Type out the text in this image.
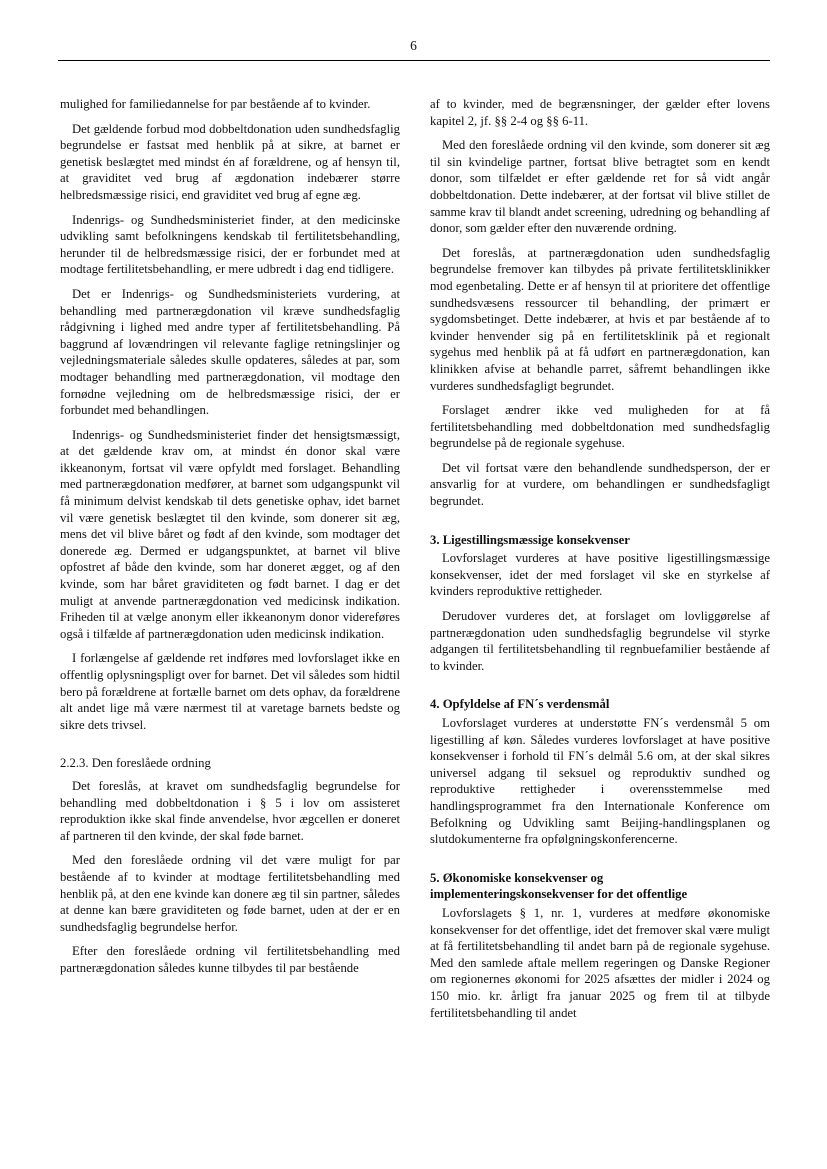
6

mulighed for familiedannelse for par bestående af to kvinder.

Det gældende forbud mod dobbeltdonation uden sundhedsfaglig begrundelse er fastsat med henblik på at sikre, at barnet er genetisk beslægtet med mindst én af forældrene, og af hensyn til, at graviditet ved brug af ægdonation indebærer større helbredsmæssige risici, end graviditet ved brug af egne æg.

Indenrigs- og Sundhedsministeriet finder, at den medicinske udvikling samt befolkningens kendskab til fertilitetsbehandling, herunder til de helbredsmæssige risici, der er forbundet med at modtage fertilitetsbehandling, er mere udbredt i dag end tidligere.

Det er Indenrigs- og Sundhedsministeriets vurdering, at behandling med partnerægdonation vil kræve sundhedsfaglig rådgivning i lighed med andre typer af fertilitetsbehandling. På baggrund af lovændringen vil relevante faglige retningslinjer og vejledningsmateriale således skulle opdateres, således at par, som modtager behandling med partnerægdonation, vil modtage den fornødne vejledning om de helbredsmæssige risici, der er forbundet med behandlingen.

Indenrigs- og Sundhedsministeriet finder det hensigtsmæssigt, at det gældende krav om, at mindst én donor skal være ikkeanonym, fortsat vil være opfyldt med forslaget. Behandling med partnerægdonation medfører, at barnet som udgangspunkt vil få minimum delvist kendskab til dets genetiske ophav, idet barnet vil være genetisk beslægtet til den kvinde, som donerer sit æg, mens det vil blive båret og født af den kvinde, som modtager det donerede æg. Dermed er udgangspunktet, at barnet vil blive opfostret af både den kvinde, som har doneret ægget, og af den kvinde, som har båret graviditeten og født barnet. I dag er det muligt at anvende partnerægdonation ved medicinsk indikation. Friheden til at vælge anonym eller ikkeanonym donor videreføres også i tilfælde af partnerægdonation uden medicinsk indikation.

I forlængelse af gældende ret indføres med lovforslaget ikke en offentlig oplysningspligt over for barnet. Det vil således som hidtil bero på forældrene at fortælle barnet om dets ophav, da forældrene alt andet lige må være nærmest til at varetage barnets bedste og sikre dets trivsel.

2.2.3. Den foreslåede ordning

Det foreslås, at kravet om sundhedsfaglig begrundelse for behandling med dobbeltdonation i § 5 i lov om assisteret reproduktion ikke skal finde anvendelse, hvor ægcellen er doneret af partneren til den kvinde, der skal føde barnet.

Med den foreslåede ordning vil det være muligt for par bestående af to kvinder at modtage fertilitetsbehandling med henblik på, at den ene kvinde kan donere æg til sin partner, således at denne kan bære graviditeten og føde barnet, uden at der er en sundhedsfaglig begrundelse herfor.

Efter den foreslåede ordning vil fertilitetsbehandling med partnerægdonation således kunne tilbydes til par bestående

af to kvinder, med de begrænsninger, der gælder efter lovens kapitel 2, jf. §§ 2-4 og §§ 6-11.

Med den foreslåede ordning vil den kvinde, som donerer sit æg til sin kvindelige partner, fortsat blive betragtet som en kendt donor, som tilfældet er efter gældende ret for så vidt angår dobbeltdonation. Dette indebærer, at der fortsat vil blive stillet de samme krav til blandt andet screening, udredning og behandling af donor, som gælder efter den nuværende ordning.

Det foreslås, at partnerægdonation uden sundhedsfaglig begrundelse fremover kan tilbydes på private fertilitetsklinikker mod egenbetaling. Dette er af hensyn til at prioritere det offentlige sundhedsvæsens ressourcer til behandling, der primært er sygdomsbetinget. Dette indebærer, at hvis et par bestående af to kvinder henvender sig på en fertilitetsklinik på et regionalt sygehus med henblik på at få udført en partnerægdonation, kan klinikken afvise at behandle parret, såfremt behandlingen ikke vurderes sundhedsfagligt begrundet.

Forslaget ændrer ikke ved muligheden for at få fertilitetsbehandling med dobbeltdonation med sundhedsfaglig begrundelse på de regionale sygehuse.

Det vil fortsat være den behandlende sundhedsperson, der er ansvarlig for at vurdere, om behandlingen er sundhedsfagligt begrundet.

3. Ligestillingsmæssige konsekvenser

Lovforslaget vurderes at have positive ligestillingsmæssige konsekvenser, idet der med forslaget vil ske en styrkelse af kvinders reproduktive rettigheder.

Derudover vurderes det, at forslaget om lovliggørelse af partnerægdonation uden sundhedsfaglig begrundelse vil styrke adgangen til fertilitetsbehandling til regnbuefamilier bestående af to kvinder.

4. Opfyldelse af FN´s verdensmål

Lovforslaget vurderes at understøtte FN´s verdensmål 5 om ligestilling af køn. Således vurderes lovforslaget at have positive konsekvenser i forhold til FN´s delmål 5.6 om, at der skal sikres universel adgang til seksuel og reproduktiv sundhed og reproduktive rettigheder i overensstemmelse med handlingsprogrammet fra den Internationale Konference om Befolkning og Udvikling samt Beijing-handlingsplanen og slutdokumenterne fra opfølgningskonferencerne.

5. Økonomiske konsekvenser og implementeringskonsekvenser for det offentlige

Lovforslagets § 1, nr. 1, vurderes at medføre økonomiske konsekvenser for det offentlige, idet det fremover skal være muligt at få fertilitetsbehandling til andet barn på de regionale sygehuse. Med den samlede aftale mellem regeringen og Danske Regioner om regionernes økonomi for 2025 afsættes der midler i 2024 og 150 mio. kr. årligt fra januar 2025 og frem til at tilbyde fertilitetsbehandling til andet
